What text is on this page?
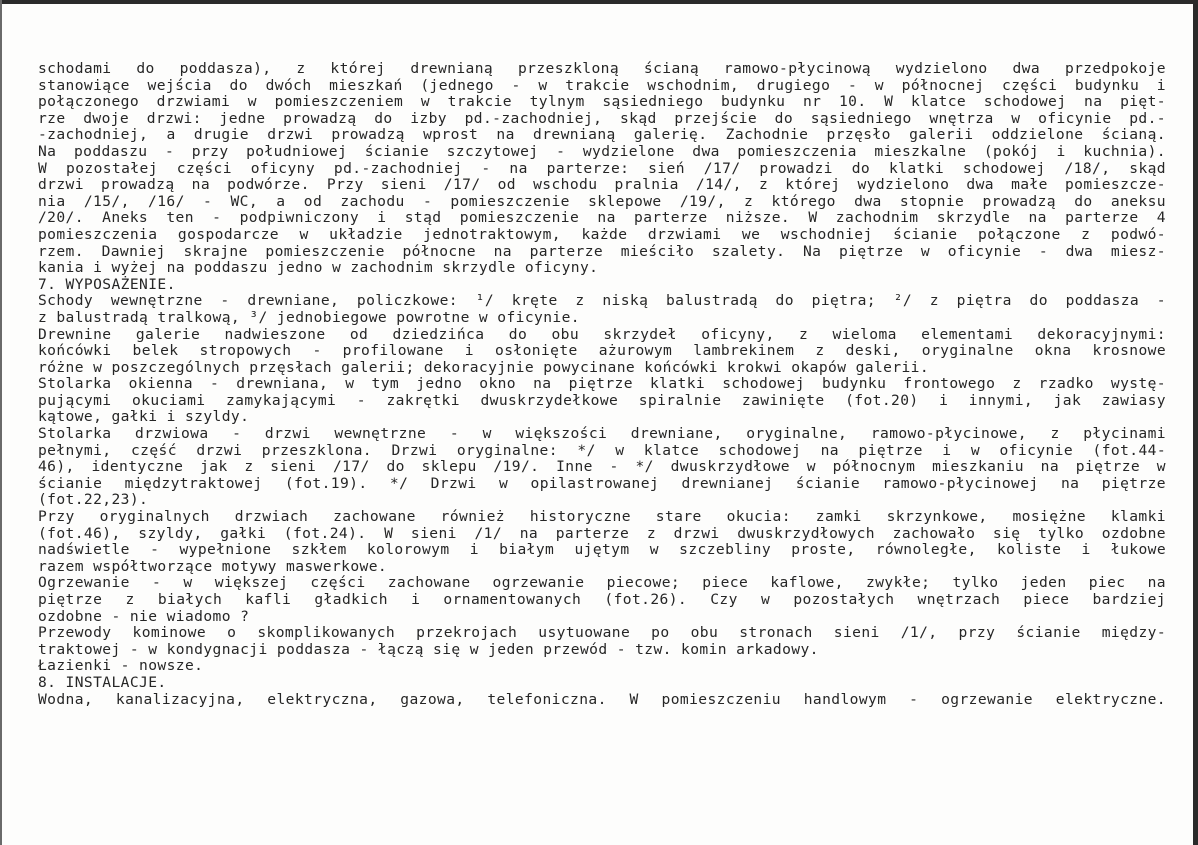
schodami do poddasza), z której drewnianą przeszkloną ścianą ramowo-płycinową wydzielono dwa przedpokoje
stanowiące wejścia do dwóch mieszkań (jednego - w trakcie wschodnim, drugiego - w północnej części budynku i
połączonego drzwiami w pomieszczeniem w trakcie tylnym sąsiedniego budynku nr 10. W klatce schodowej na pięt-
rze dwoje drzwi: jedne prowadzą do izby pd.-zachodniej, skąd przejście do sąsiedniego wnętrza w oficynie pd.-
-zachodniej, a drugie drzwi prowadzą wprost na drewnianą galerię. Zachodnie przęsło galerii oddzielone ścianą.
Na poddaszu - przy południowej ścianie szczytowej - wydzielone dwa pomieszczenia mieszkalne (pokój i kuchnia).
W pozostałej części oficyny pd.-zachodniej - na parterze: sień /17/ prowadzi do klatki schodowej /18/, skąd
drzwi prowadzą na podwórze. Przy sieni /17/ od wschodu pralnia /14/, z której wydzielono dwa małe pomieszcze-
nia /15/, /16/ - WC, a od zachodu - pomieszczenie sklepowe /19/, z którego dwa stopnie prowadzą do aneksu
/20/. Aneks ten - podpiwniczony i stąd pomieszczenie na parterze niższe. W zachodnim skrzydle na parterze 4
pomieszczenia gospodarcze w układzie jednotraktowym, każde drzwiami we wschodniej ścianie połączone z podwó-
rzem. Dawniej skrajne pomieszczenie północne na parterze mieściło szalety. Na piętrze w oficynie - dwa miesz-
kania i wyżej na poddaszu jedno w zachodnim skrzydle oficyny.
7. WYPOSAŻENIE.
Schody wewnętrzne - drewniane, policzkowe: ¹/ kręte z niską balustradą do piętra; ²/ z piętra do poddasza -
z balustradą tralkową, ³/ jednobiegowe powrotne w oficynie.
Drewnine galerie nadwieszone od dziedzińca do obu skrzydeł oficyny, z wieloma elementami dekoracyjnymi:
końcówki belek stropowych - profilowane i osłonięte ażurowym lambrekinem z deski, oryginalne okna krosnowe
różne w poszczególnych przęsłach galerii; dekoracyjnie powycinane końcówki krokwi okapów galerii.
Stolarka okienna - drewniana, w tym jedno okno na piętrze klatki schodowej budynku frontowego z rzadko wystę-
pującymi okuciami zamykającymi - zakrętki dwuskrzydełkowe spiralnie zawinięte (fot.20) i innymi, jak zawiasy
kątowe, gałki i szyldy.
Stolarka drzwiowa - drzwi wewnętrzne - w większości drewniane, oryginalne, ramowo-płycinowe, z płycinami
pełnymi, część drzwi przeszklona. Drzwi oryginalne: */ w klatce schodowej na piętrze i w oficynie (fot.44-
46), identyczne jak z sieni /17/ do sklepu /19/. Inne - */ dwuskrzydłowe w północnym mieszkaniu na piętrze w
ścianie międzytraktowej (fot.19). */ Drzwi w opilastrowanej drewnianej ścianie ramowo-płycinowej na piętrze
(fot.22,23).
Przy oryginalnych drzwiach zachowane również historyczne stare okucia: zamki skrzynkowe, mosiężne klamki
(fot.46), szyldy, gałki (fot.24). W sieni /1/ na parterze z drzwi dwuskrzydłowych zachowało się tylko ozdobne
nadświetle - wypełnione szkłem kolorowym i białym ujętym w szczebliny proste, równoległe, koliste i łukowe
razem współtworzące motywy maswerkowe.
Ogrzewanie - w większej części zachowane ogrzewanie piecowe; piece kaflowe, zwykłe; tylko jeden piec na
piętrze z białych kafli gładkich i ornamentowanych (fot.26). Czy w pozostałych wnętrzach piece bardziej
ozdobne - nie wiadomo ?
Przewody kominowe o skomplikowanych przekrojach usytuowane po obu stronach sieni /1/, przy ścianie między-
traktowej - w kondygnacji poddasza - łączą się w jeden przewód - tzw. komin arkadowy.
Łazienki - nowsze.
8. INSTALACJE.
Wodna, kanalizacyjna, elektryczna, gazowa, telefoniczna. W pomieszczeniu handlowym - ogrzewanie elektryczne.
